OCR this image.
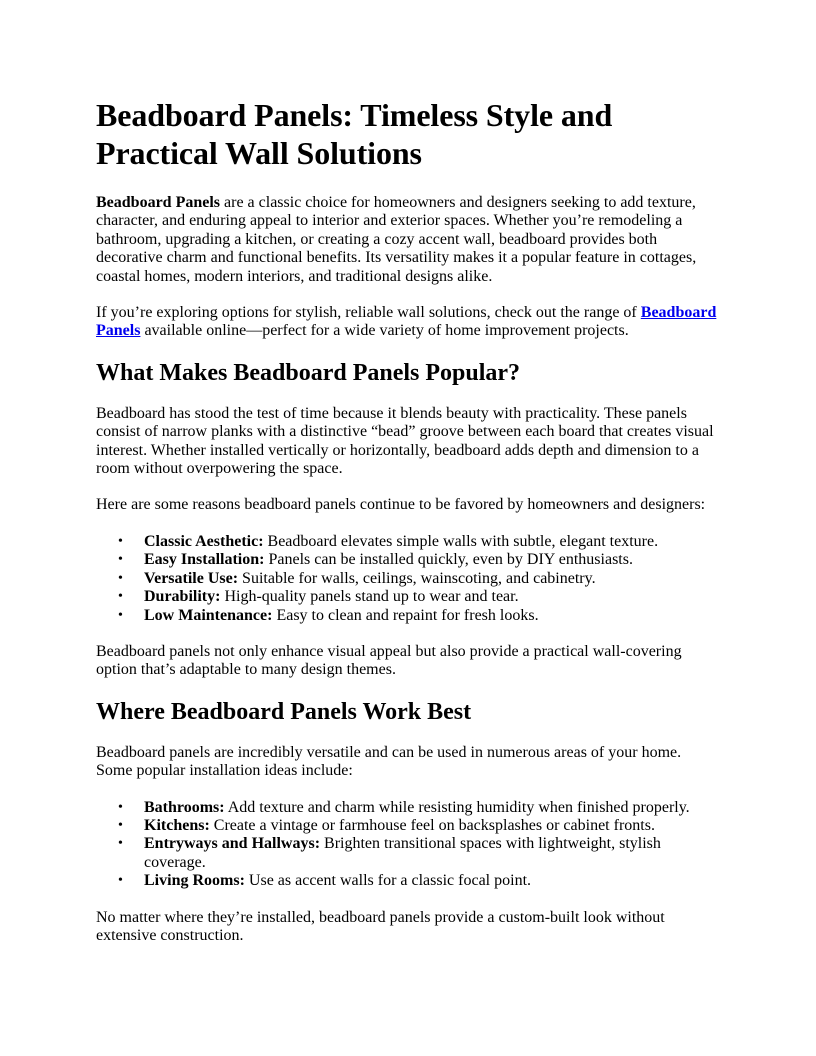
Beadboard Panels: Timeless Style and Practical Wall Solutions

Beadboard Panels are a classic choice for homeowners and designers seeking to add texture, character, and enduring appeal to interior and exterior spaces. Whether you’re remodeling a bathroom, upgrading a kitchen, or creating a cozy accent wall, beadboard provides both decorative charm and functional benefits. Its versatility makes it a popular feature in cottages, coastal homes, modern interiors, and traditional designs alike.

If you’re exploring options for stylish, reliable wall solutions, check out the range of Beadboard Panels available online—perfect for a wide variety of home improvement projects.

What Makes Beadboard Panels Popular?

Beadboard has stood the test of time because it blends beauty with practicality. These panels consist of narrow planks with a distinctive “bead” groove between each board that creates visual interest. Whether installed vertically or horizontally, beadboard adds depth and dimension to a room without overpowering the space.

Here are some reasons beadboard panels continue to be favored by homeowners and designers:

• Classic Aesthetic: Beadboard elevates simple walls with subtle, elegant texture.
• Easy Installation: Panels can be installed quickly, even by DIY enthusiasts.
• Versatile Use: Suitable for walls, ceilings, wainscoting, and cabinetry.
• Durability: High-quality panels stand up to wear and tear.
• Low Maintenance: Easy to clean and repaint for fresh looks.

Beadboard panels not only enhance visual appeal but also provide a practical wall-covering option that’s adaptable to many design themes.

Where Beadboard Panels Work Best

Beadboard panels are incredibly versatile and can be used in numerous areas of your home. Some popular installation ideas include:

• Bathrooms: Add texture and charm while resisting humidity when finished properly.
• Kitchens: Create a vintage or farmhouse feel on backsplashes or cabinet fronts.
• Entryways and Hallways: Brighten transitional spaces with lightweight, stylish coverage.
• Living Rooms: Use as accent walls for a classic focal point.

No matter where they’re installed, beadboard panels provide a custom-built look without extensive construction.
